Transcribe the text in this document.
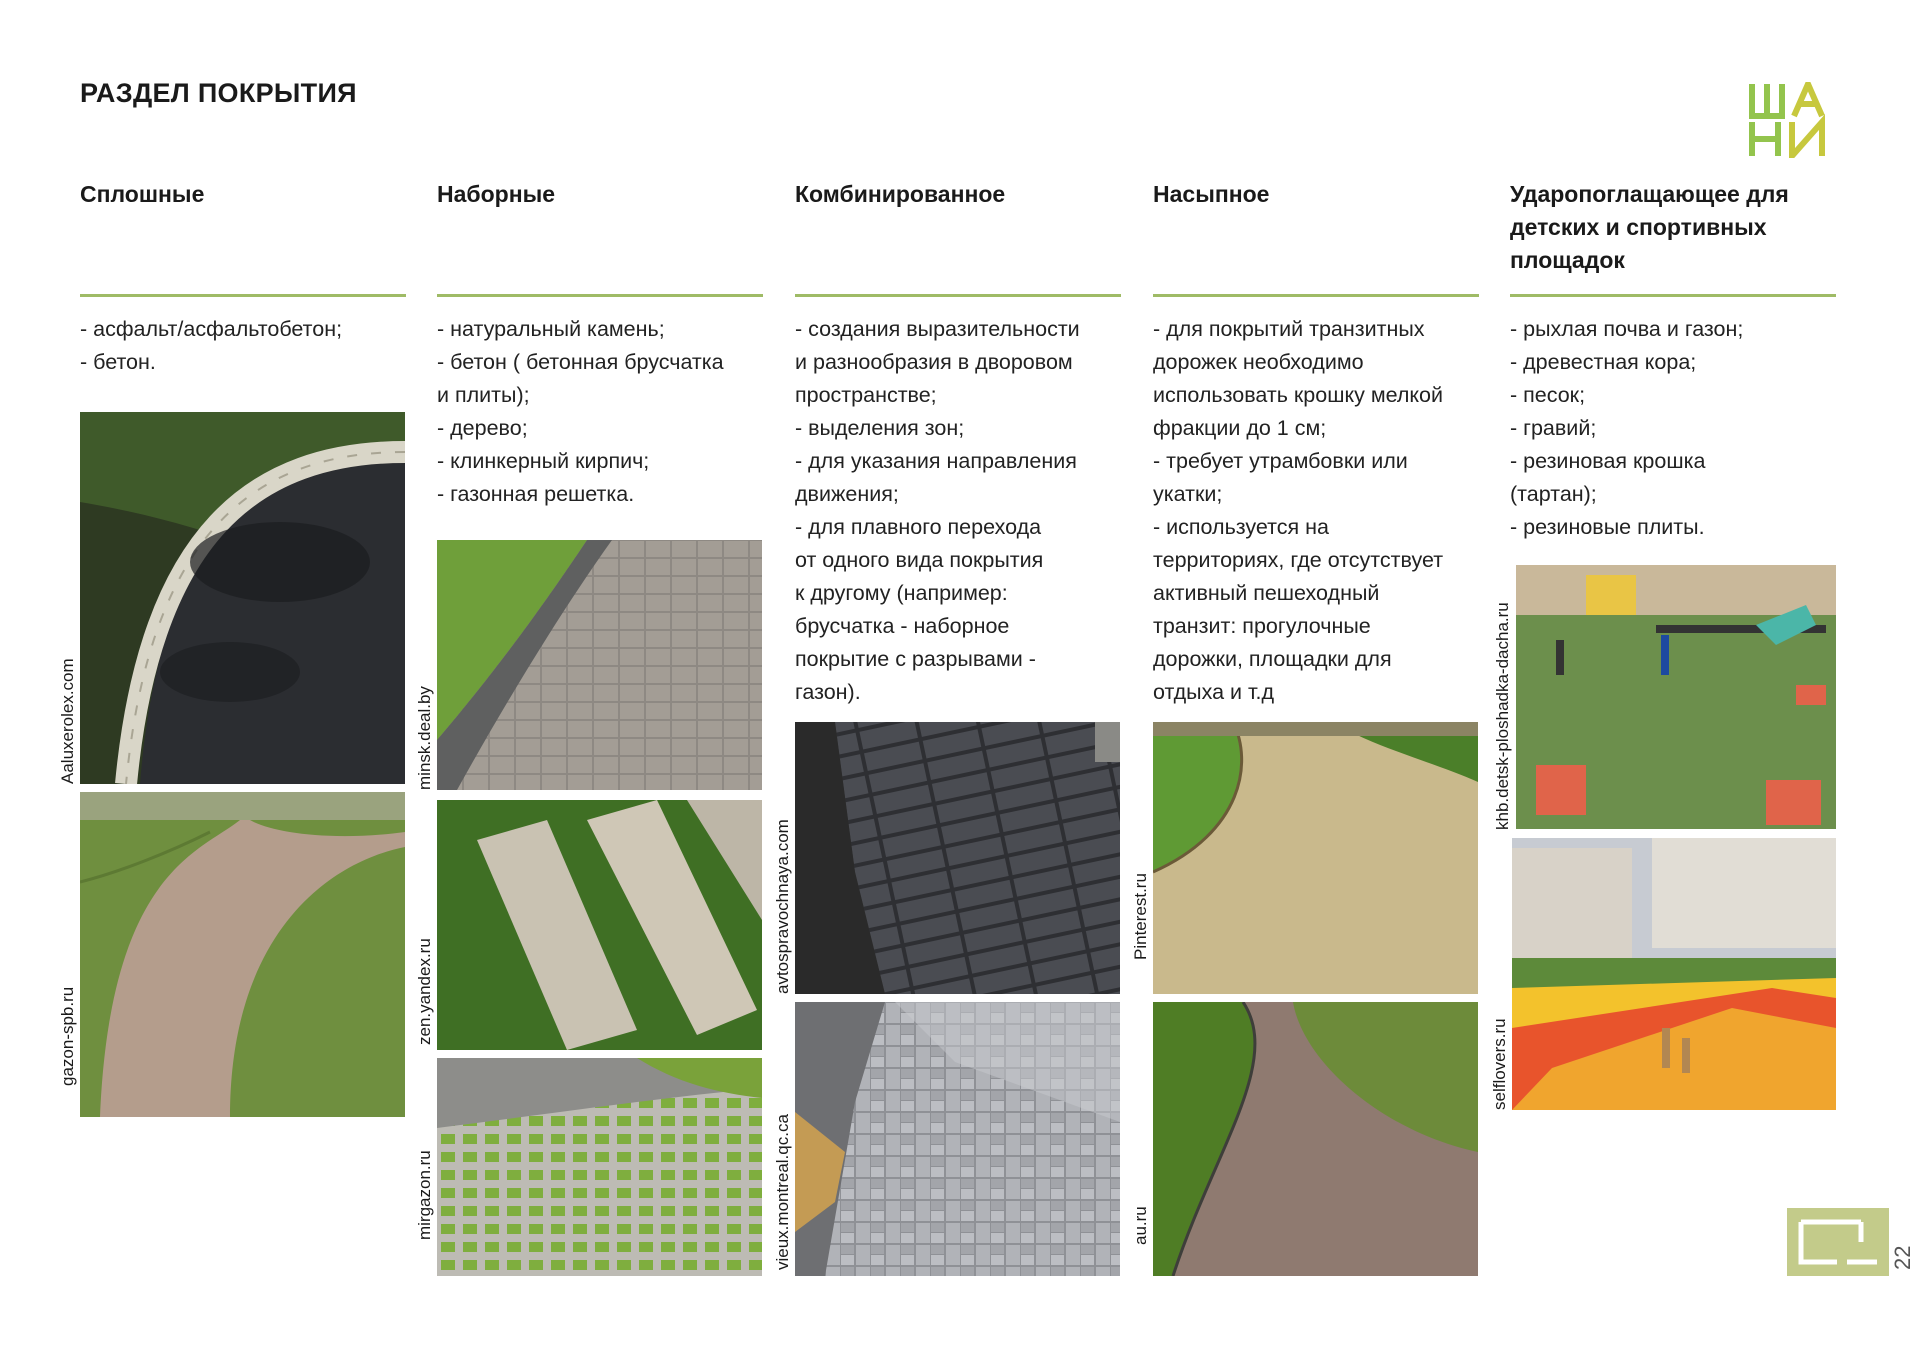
РАЗДЕЛ ПОКРЫТИЯ
Сплошные
- асфальт/асфальтобетон;
- бетон.
Наборные
- натуральный камень;
- бетон ( бетонная брусчатка
и плиты);
- дерево;
- клинкерный кирпич;
- газонная решетка.
Комбинированное
- создания выразительности
и разнообразия в дворовом
пространстве;
- выделения зон;
- для указания направления
движения;
- для плавного перехода
от одного вида покрытия
к другому (например:
брусчатка - наборное
покрытие с разрывами -
газон).
Насыпное
- для покрытий транзитных
дорожек необходимо
использовать крошку мелкой
фракции до 1 см;
- требует утрамбовки или
укатки;
- используется на
территориях, где отсутствует
активный пешеходный
транзит: прогулочные
дорожки, площадки для
отдыха и т.д
Ударопоглащающее для
детских и спортивных
площадок
- рыхлая почва и газон;
- древестная кора;
- песок;
- гравий;
- резиновая крошка
(тартан);
- резиновые плиты.
Aaluxerolex.com
gazon-spb.ru
minsk.deal.by
zen.yandex.ru
mirgazon.ru
avtospravochnaya.com
vieux.montreal.qc.ca
Pinterest.ru
au.ru
khb.detsk-ploshadka-dacha.ru
selflovers.ru
22
